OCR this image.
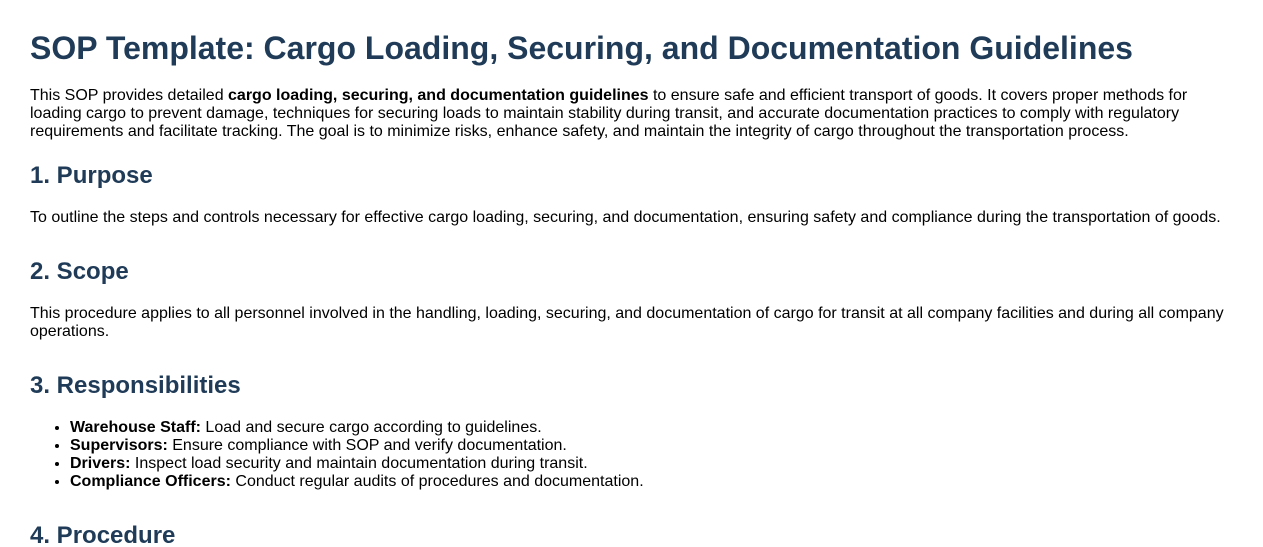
SOP Template: Cargo Loading, Securing, and Documentation Guidelines

This SOP provides detailed cargo loading, securing, and documentation guidelines to ensure safe and efficient transport of goods. It covers proper methods for loading cargo to prevent damage, techniques for securing loads to maintain stability during transit, and accurate documentation practices to comply with regulatory requirements and facilitate tracking. The goal is to minimize risks, enhance safety, and maintain the integrity of cargo throughout the transportation process.

1. Purpose

To outline the steps and controls necessary for effective cargo loading, securing, and documentation, ensuring safety and compliance during the transportation of goods.

2. Scope

This procedure applies to all personnel involved in the handling, loading, securing, and documentation of cargo for transit at all company facilities and during all company operations.

3. Responsibilities
• Warehouse Staff: Load and secure cargo according to guidelines.
• Supervisors: Ensure compliance with SOP and verify documentation.
• Drivers: Inspect load security and maintain documentation during transit.
• Compliance Officers: Conduct regular audits of procedures and documentation.
4. Procedure
